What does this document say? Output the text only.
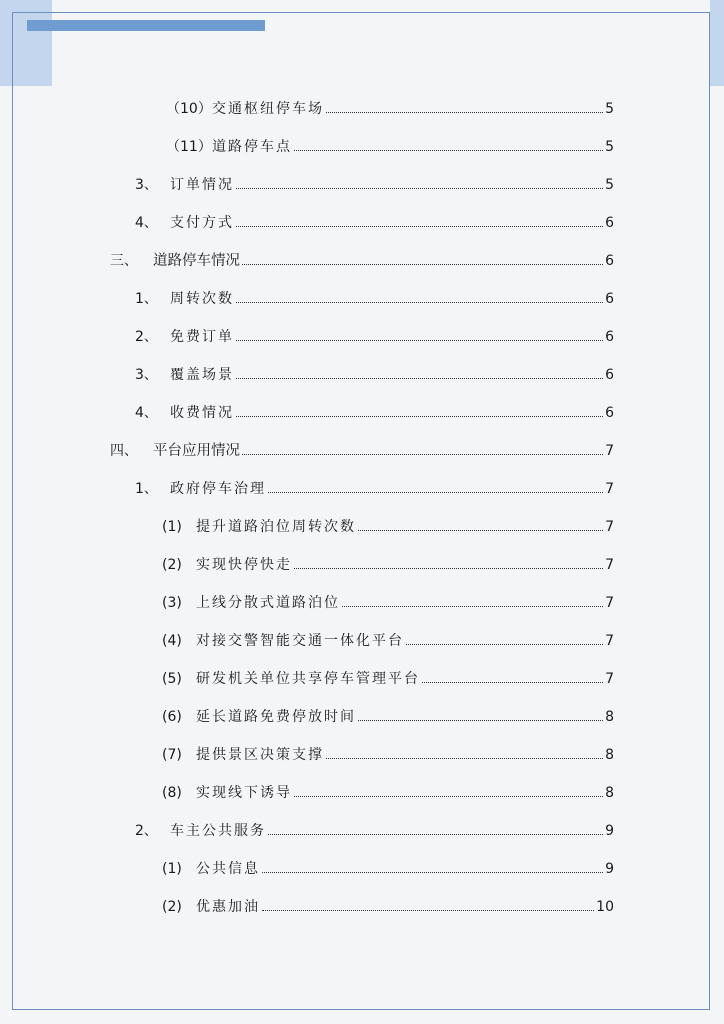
（10） 交通枢纽停车场	5
（11） 道路停车点	5
3、 订单情况	5
4、 支付方式	6
三、	道路停车情况	6
1、 周转次数	6
2、 免费订单	6
3、 覆盖场景	6
4、 收费情况	6
四、	平台应用情况	7
1、 政府停车治理	7
(1)	提升道路泊位周转次数	7
(2)	实现快停快走	7
(3)	上线分散式道路泊位	7
(4)	对接交警智能交通一体化平台	7
(5)	研发机关单位共享停车管理平台	7
(6)	延长道路免费停放时间	8
(7)	提供景区决策支撑	8
(8)	实现线下诱导	8
2、 车主公共服务	9
(1)	公共信息	9
(2)	优惠加油	10
